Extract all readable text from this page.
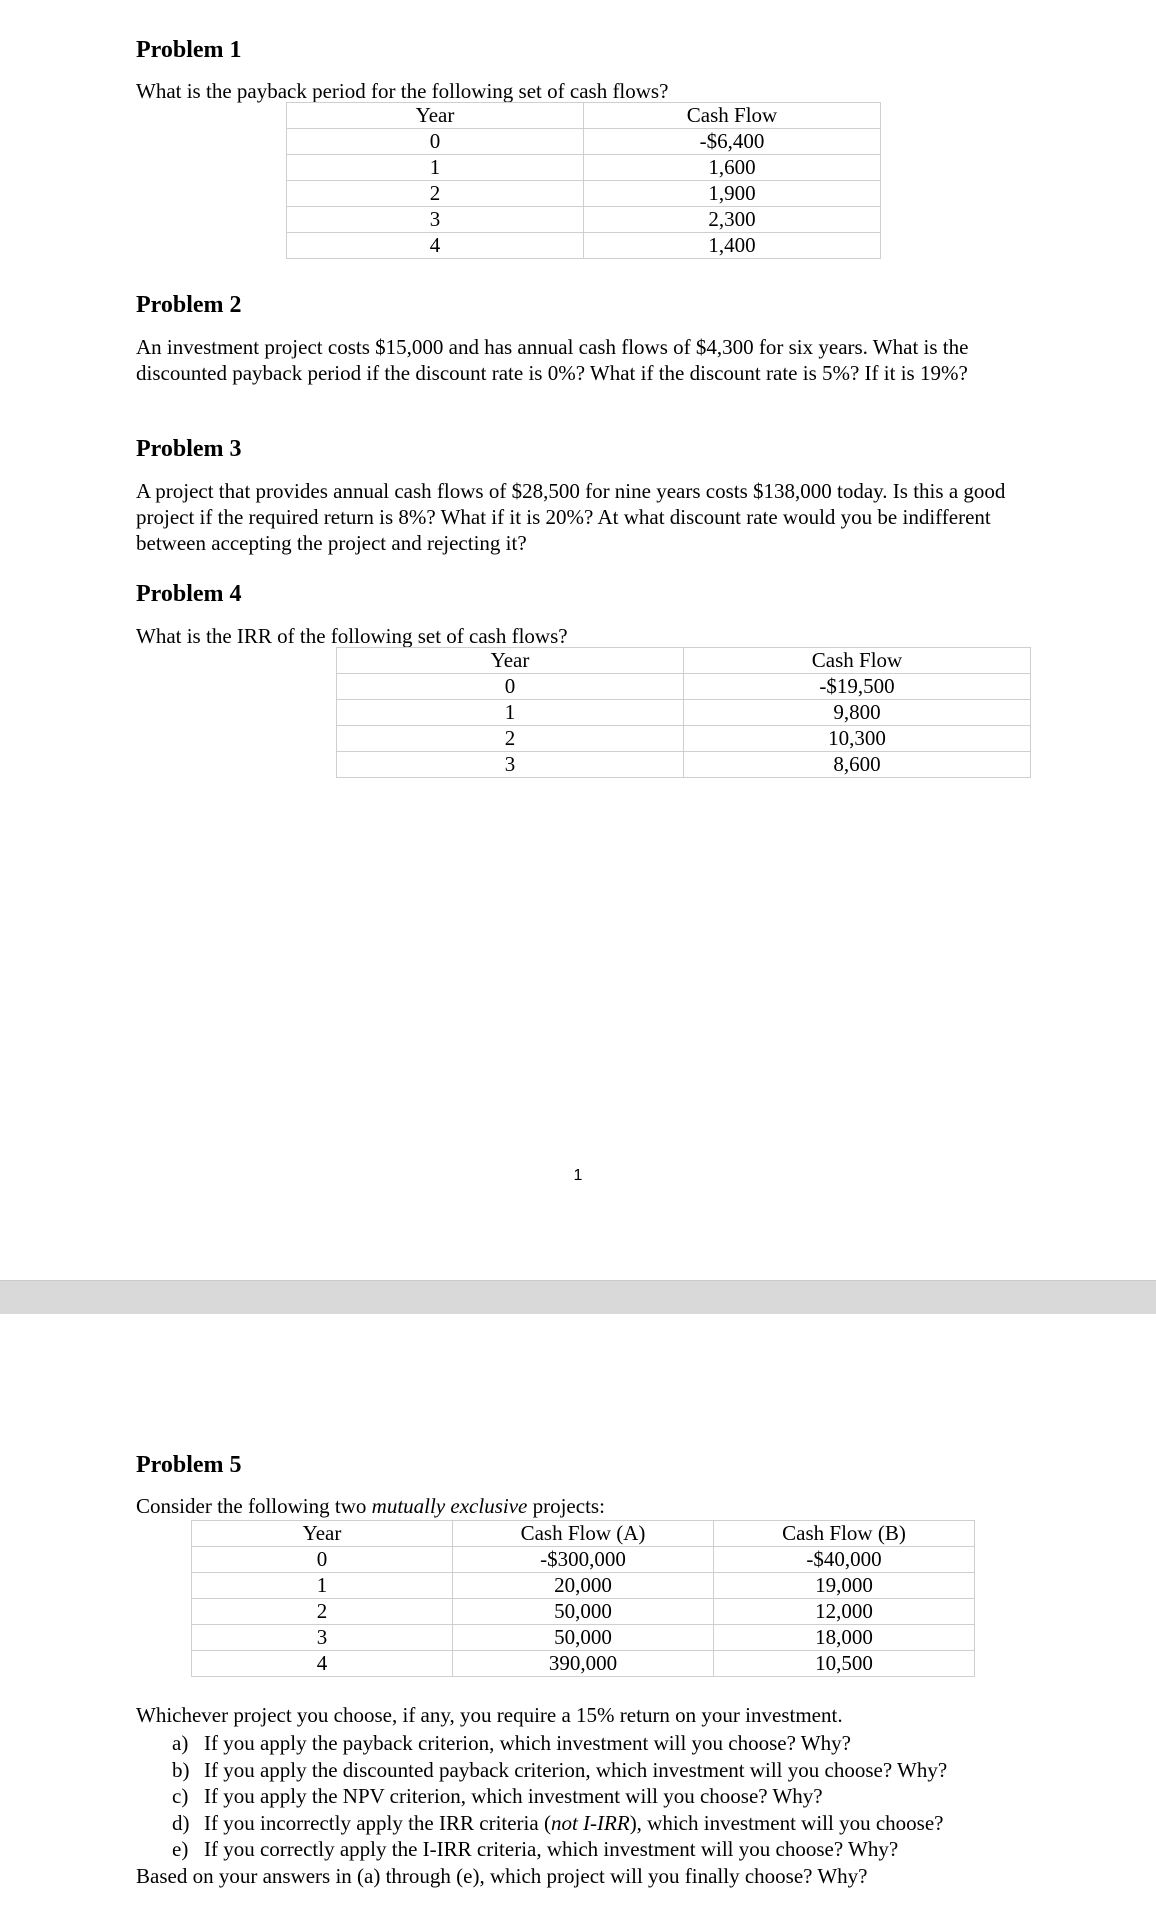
Problem 1

What is the payback period for the following set of cash flows?

Year	Cash Flow
0	-$6,400
1	1,600
2	1,900
3	2,300
4	1,400
Problem 2

An investment project costs $15,000 and has annual cash flows of $4,300 for six years. What is the discounted payback period if the discount rate is 0%? What if the discount rate is 5%? If it is 19%?

Problem 3

A project that provides annual cash flows of $28,500 for nine years costs $138,000 today. Is this a good project if the required return is 8%? What if it is 20%? At what discount rate would you be indifferent between accepting the project and rejecting it?

Problem 4

What is the IRR of the following set of cash flows?

Year	Cash Flow
0	-$19,500
1	9,800
2	10,300
3	8,600
1
Problem 5

Consider the following two mutually exclusive projects:

Year	Cash Flow (A)	Cash Flow (B)
0	-$300,000	-$40,000
1	20,000	19,000
2	50,000	12,000
3	50,000	18,000
4	390,000	10,500

Whichever project you choose, if any, you require a 15% return on your investment.

a) If you apply the payback criterion, which investment will you choose? Why?
b) If you apply the discounted payback criterion, which investment will you choose? Why?
c) If you apply the NPV criterion, which investment will you choose? Why?
d) If you incorrectly apply the IRR criteria (not I-IRR), which investment will you choose?
e) If you correctly apply the I-IRR criteria, which investment will you choose? Why?

Based on your answers in (a) through (e), which project will you finally choose? Why?
